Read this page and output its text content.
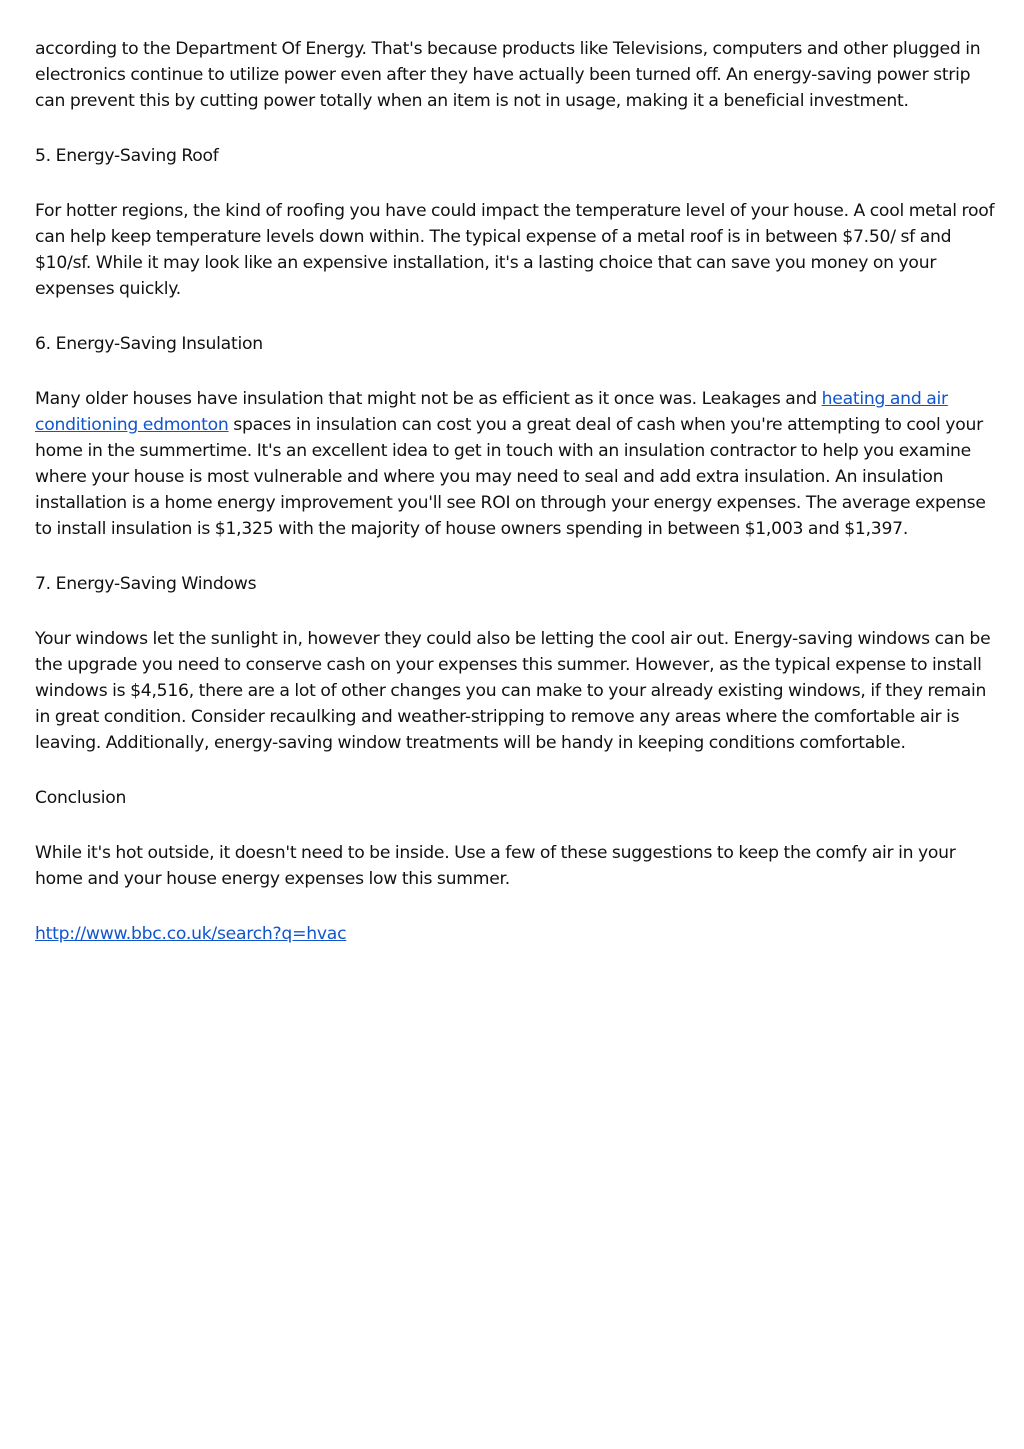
according to the Department Of Energy. That's because products like Televisions, computers and other plugged in electronics continue to utilize power even after they have actually been turned off. An energy-saving power strip can prevent this by cutting power totally when an item is not in usage, making it a beneficial investment.

5. Energy-Saving Roof

For hotter regions, the kind of roofing you have could impact the temperature level of your house. A cool metal roof can help keep temperature levels down within. The typical expense of a metal roof is in between $7.50/ sf and $10/sf. While it may look like an expensive installation, it's a lasting choice that can save you money on your expenses quickly.

6. Energy-Saving Insulation

Many older houses have insulation that might not be as efficient as it once was. Leakages and heating and air conditioning edmonton spaces in insulation can cost you a great deal of cash when you're attempting to cool your home in the summertime. It's an excellent idea to get in touch with an insulation contractor to help you examine where your house is most vulnerable and where you may need to seal and add extra insulation. An insulation installation is a home energy improvement you'll see ROI on through your energy expenses. The average expense to install insulation is $1,325 with the majority of house owners spending in between $1,003 and $1,397.

7. Energy-Saving Windows

Your windows let the sunlight in, however they could also be letting the cool air out. Energy-saving windows can be the upgrade you need to conserve cash on your expenses this summer. However, as the typical expense to install windows is $4,516, there are a lot of other changes you can make to your already existing windows, if they remain in great condition. Consider recaulking and weather-stripping to remove any areas where the comfortable air is leaving. Additionally, energy-saving window treatments will be handy in keeping conditions comfortable.

Conclusion

While it's hot outside, it doesn't need to be inside. Use a few of these suggestions to keep the comfy air in your home and your house energy expenses low this summer.

http://www.bbc.co.uk/search?q=hvac
